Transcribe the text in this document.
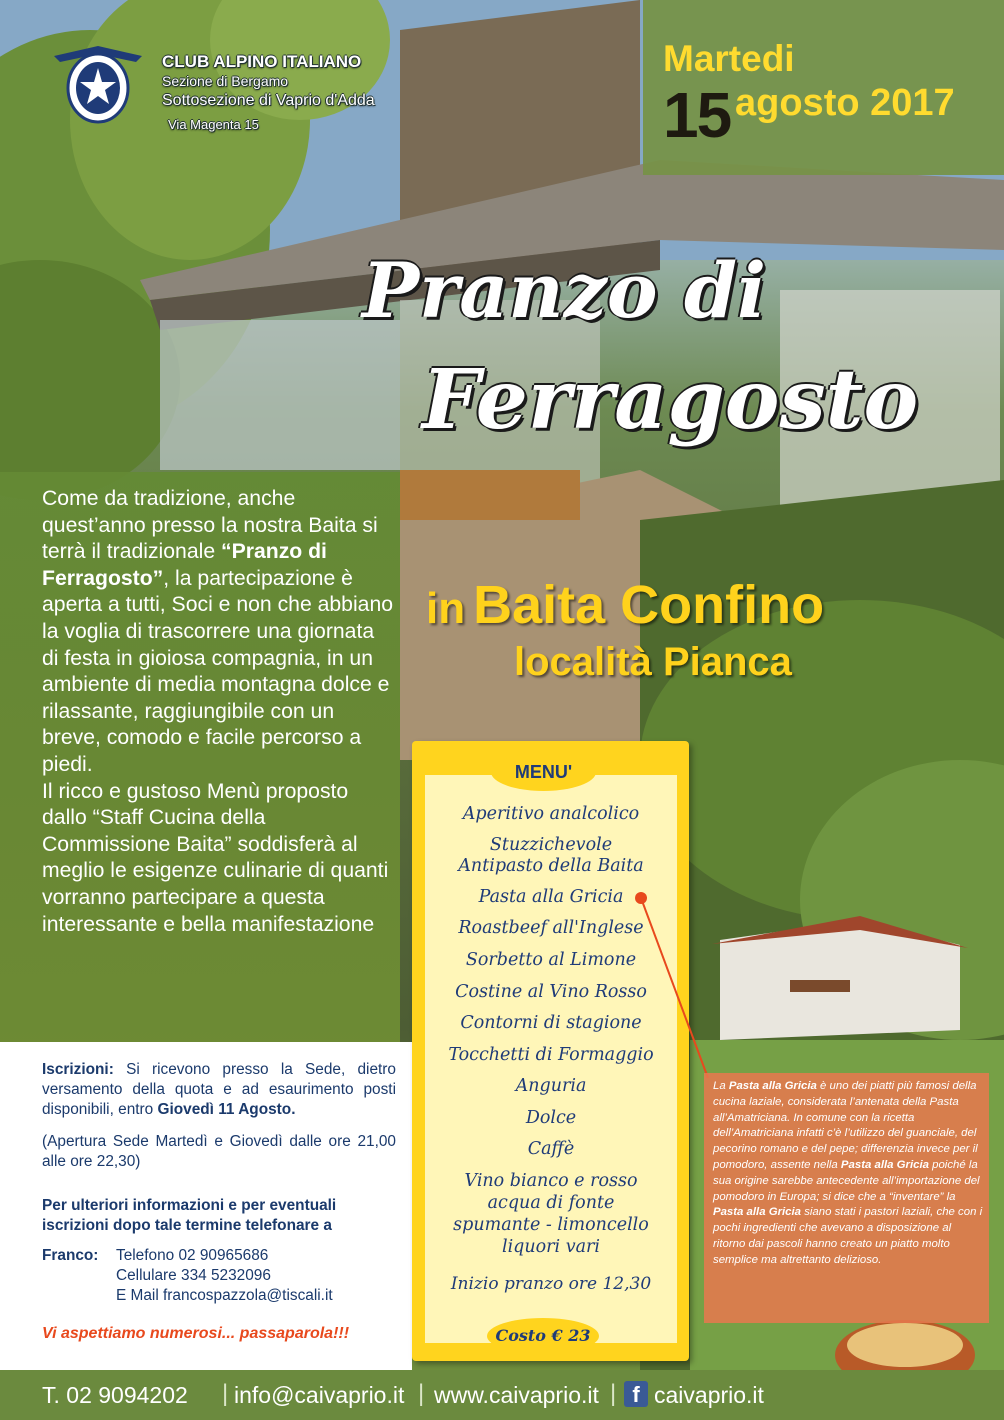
CLUB ALPINO ITALIANO
Sezione di Bergamo
Sottosezione di Vaprio d'Adda
Via Magenta 15
Martedi
15 agosto 2017
Pranzo di
Ferragosto
in Baita Confino
località Pianca

Come da tradizione, anche quest’anno presso la nostra Baita si terrà il tradizionale “Pranzo di Ferragosto”, la partecipazione è aperta a tutti, Soci e non che abbiano la voglia di trascorrere una giornata di festa in gioiosa compagnia, in un ambiente di media montagna dolce e rilassante, raggiungibile con un breve, comodo e facile percorso a piedi.

Il ricco e gustoso Menù proposto dallo “Staff Cucina della Commissione Baita” soddisferà al meglio le esigenze culinarie di quanti vorranno partecipare a questa interessante e bella manifestazione

Iscrizioni: Si ricevono presso la Sede, dietro versamento della quota e ad esaurimento posti disponibili, entro Giovedì 11 Agosto.
(Apertura Sede Martedì e Giovedì dalle ore 21,00 alle ore 22,30)
Per ulteriori informazioni e per eventuali iscrizioni dopo tale termine telefonare a
Franco: Telefono 02 90965686
Cellulare 334 5232096
E Mail francospazzola@tiscali.it
Vi aspettiamo numerosi... passaparola!!!
MENU'
Aperitivo analcolico
Stuzzichevole
Antipasto della Baita
Pasta alla Gricia
Roastbeef all'Inglese
Sorbetto al Limone
Costine al Vino Rosso
Contorni di stagione
Tocchetti di Formaggio
Anguria
Dolce
Caffè
Vino bianco e rosso
acqua di fonte
spumante - limoncello
liquori vari
Inizio pranzo ore 12,30
Costo € 23
La Pasta alla Gricia è uno dei piatti più famosi della cucina laziale, considerata l’antenata della Pasta all’Amatriciana. In comune con la ricetta dell’Amatriciana infatti c’è l’utilizzo del guanciale, del pecorino romano e del pepe; differenzia invece per il pomodoro, assente nella Pasta alla Gricia poiché la sua origine sarebbe antecedente all’importazione del pomodoro in Europa; si dice che a “inventare” la Pasta alla Gricia siano stati i pastori laziali, che con i pochi ingredienti che avevano a disposizione al ritorno dai pascoli hanno creato un piatto molto semplice ma altrettanto delizioso.
T. 02 9094202 | info@caivaprio.it | www.caivaprio.it | f caivaprio.it
